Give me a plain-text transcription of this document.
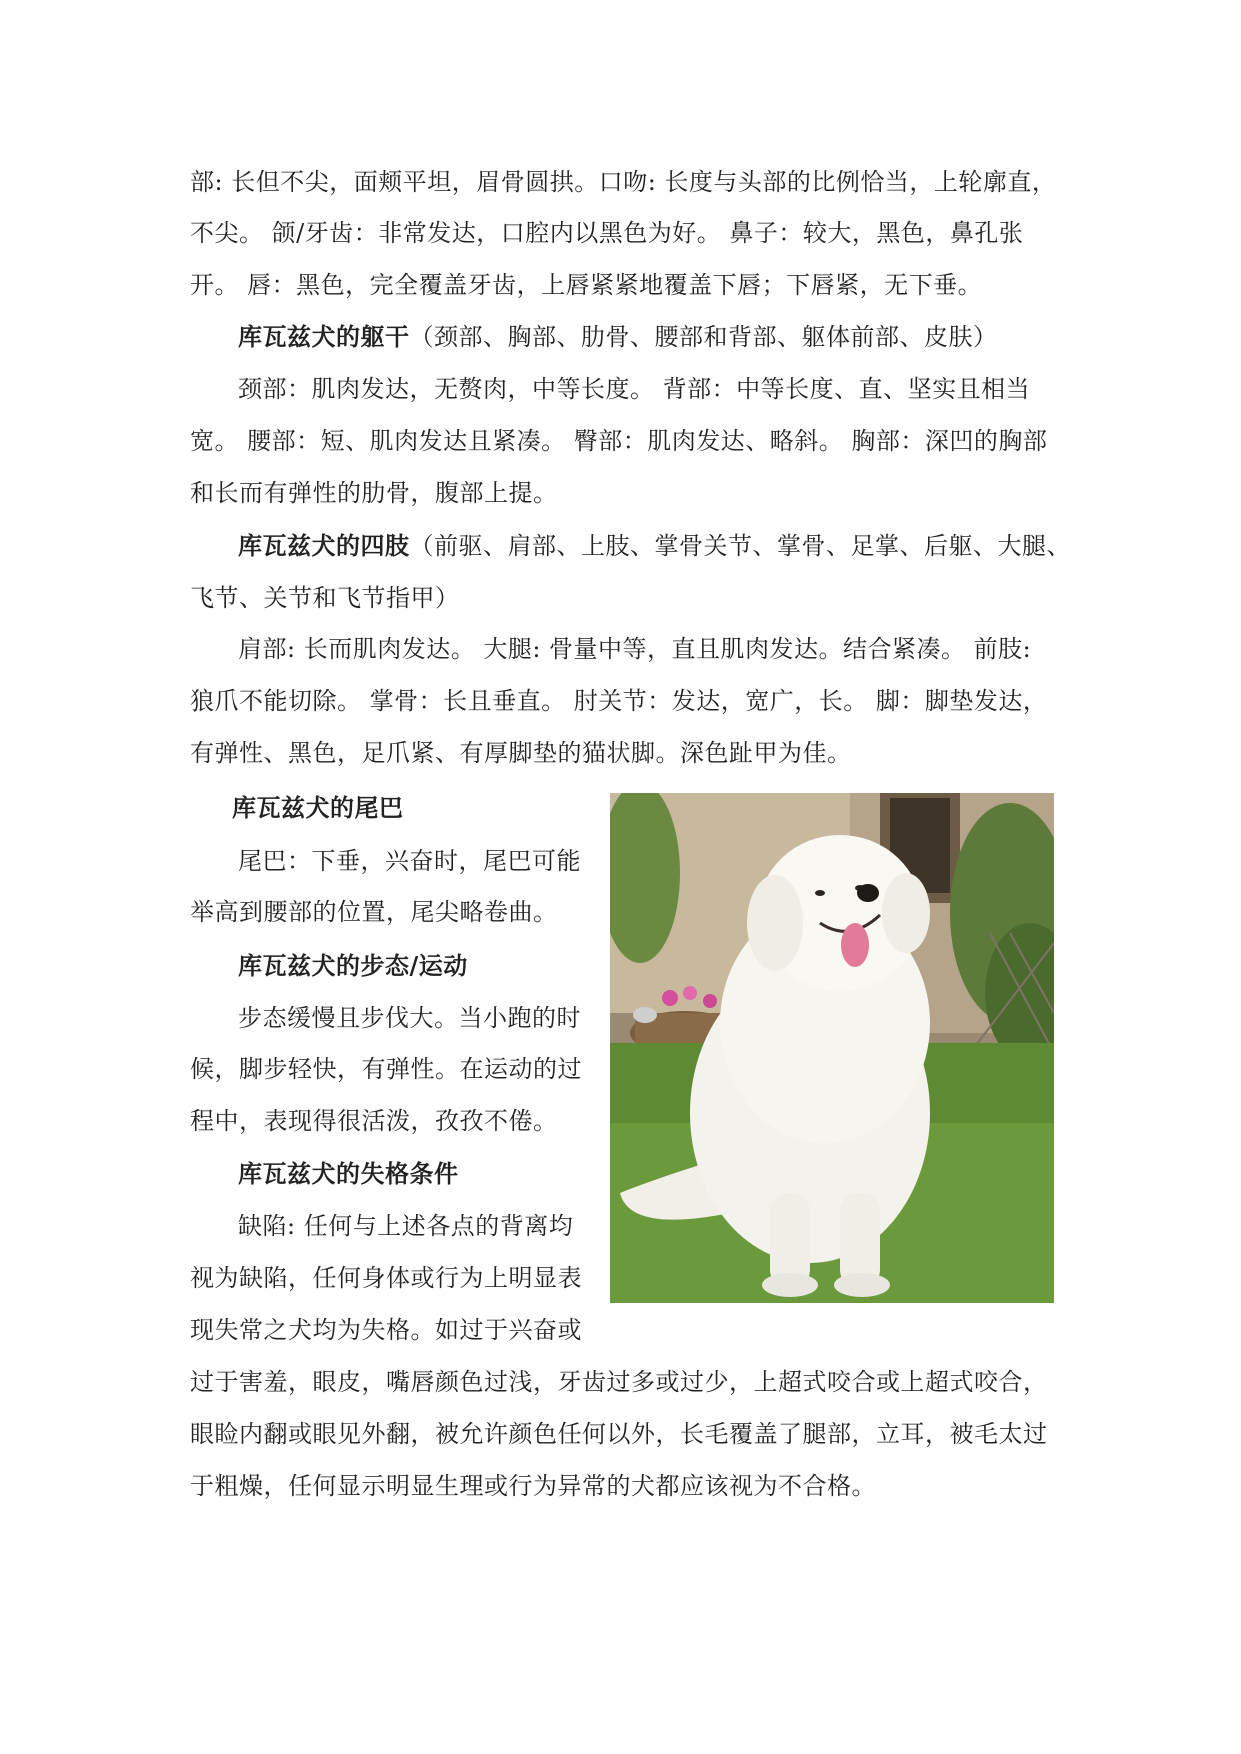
部: 长但不尖，面颊平坦，眉骨圆拱。口吻: 长度与头部的比例恰当，上轮廓直，
不尖。 颌/牙齿：非常发达，口腔内以黑色为好。 鼻子：较大，黑色，鼻孔张
开。 唇：黑色，完全覆盖牙齿，上唇紧紧地覆盖下唇；下唇紧，无下垂。
库瓦兹犬的躯干（颈部、胸部、肋骨、腰部和背部、躯体前部、皮肤）
颈部：肌肉发达，无赘肉，中等长度。 背部：中等长度、直、坚实且相当
宽。 腰部：短、肌肉发达且紧凑。 臀部：肌肉发达、略斜。 胸部：深凹的胸部
和长而有弹性的肋骨，腹部上提。
库瓦兹犬的四肢（前驱、肩部、上肢、掌骨关节、掌骨、足掌、后躯、大腿、
飞节、关节和飞节指甲）
肩部: 长而肌肉发达。 大腿: 骨量中等，直且肌肉发达。结合紧凑。 前肢:
狼爪不能切除。 掌骨：长且垂直。 肘关节：发达，宽广，长。 脚：脚垫发达，
有弹性、黑色，足爪紧、有厚脚垫的猫状脚。深色趾甲为佳。
库瓦兹犬的尾巴
尾巴：下垂，兴奋时，尾巴可能
举高到腰部的位置，尾尖略卷曲。
库瓦兹犬的步态/运动
步态缓慢且步伐大。当小跑的时
候，脚步轻快，有弹性。在运动的过
程中，表现得很活泼，孜孜不倦。
库瓦兹犬的失格条件
缺陷: 任何与上述各点的背离均
视为缺陷，任何身体或行为上明显表
现失常之犬均为失格。如过于兴奋或
过于害羞，眼皮，嘴唇颜色过浅，牙齿过多或过少，上超式咬合或上超式咬合，
眼睑内翻或眼见外翻，被允许颜色任何以外，长毛覆盖了腿部，立耳，被毛太过
于粗燥，任何显示明显生理或行为异常的犬都应该视为不合格。
